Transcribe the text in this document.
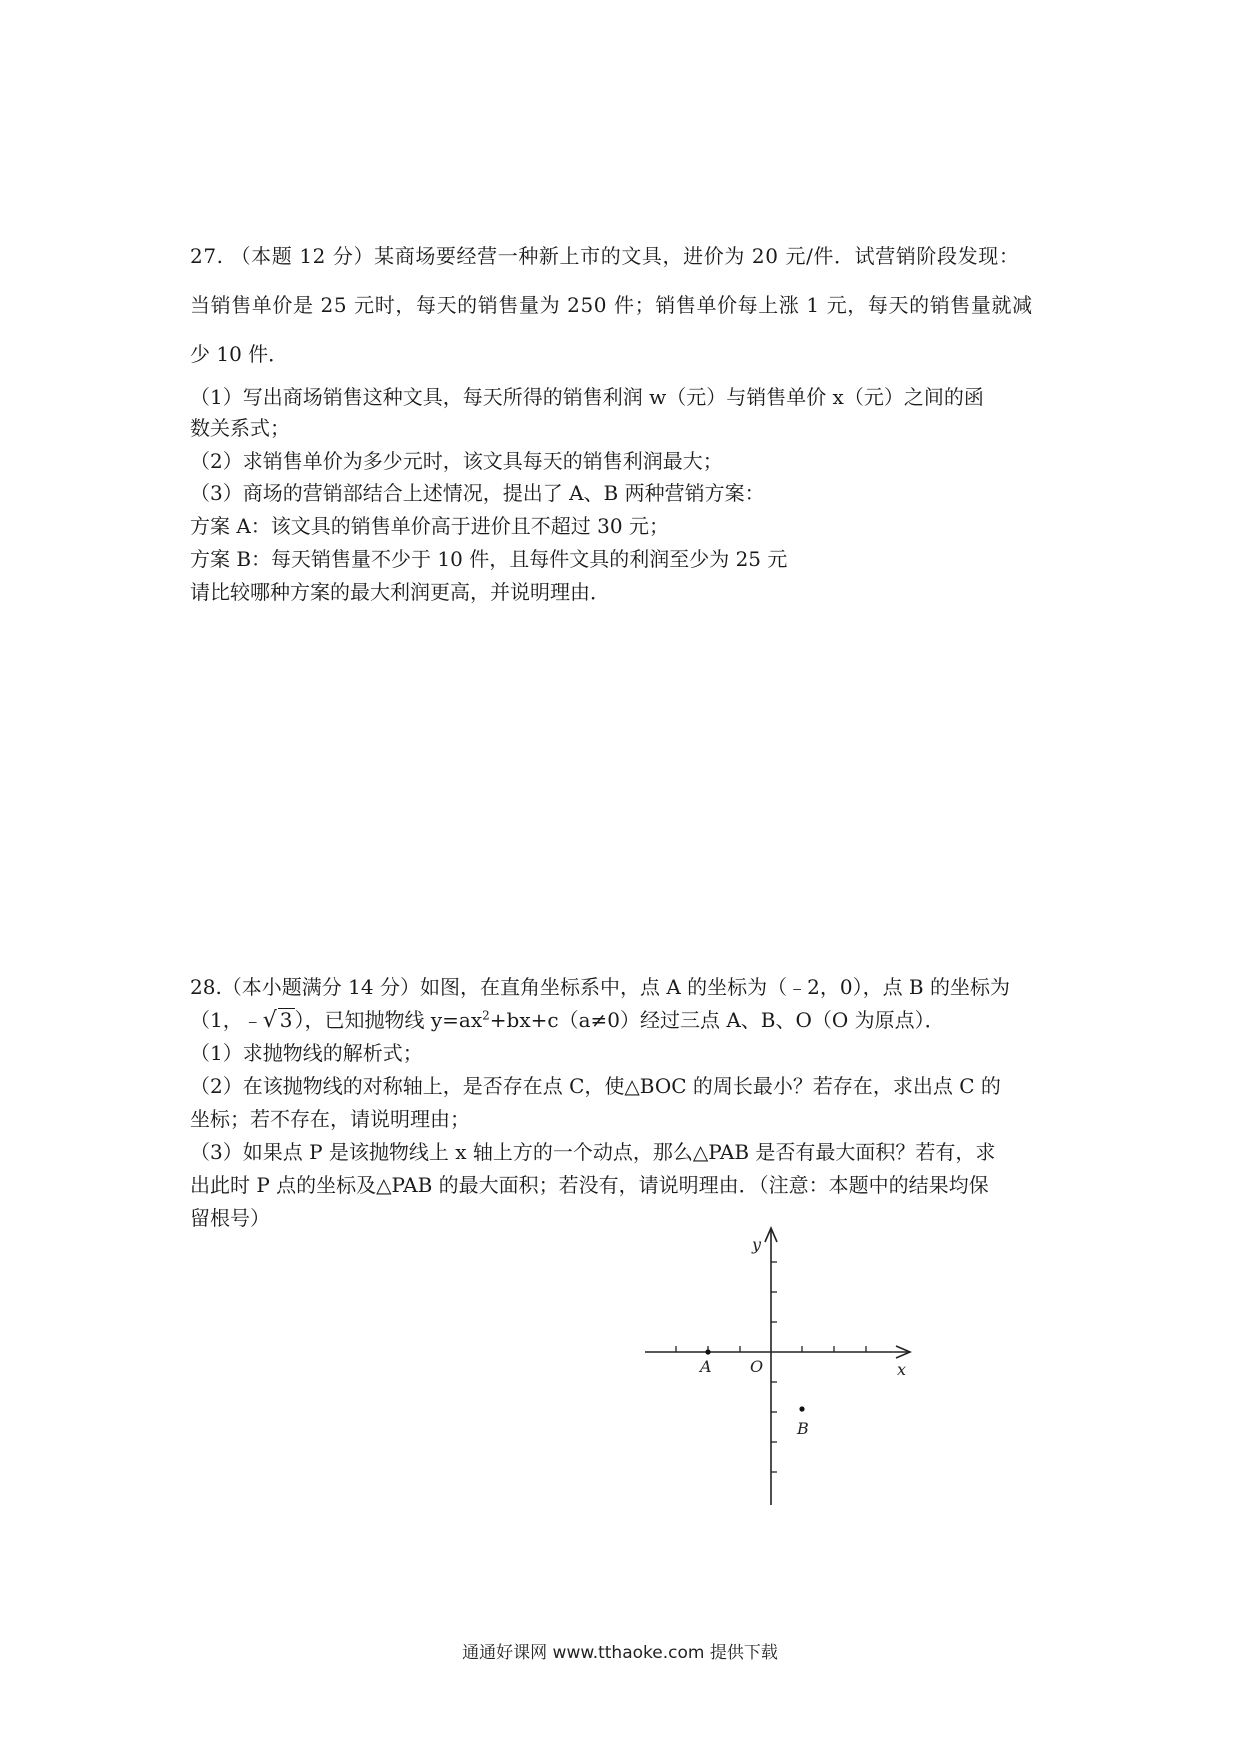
27. （本题 12 分）某商场要经营一种新上市的文具，进价为 20 元/件．试营销阶段发现：
当销售单价是 25 元时，每天的销售量为 250 件；销售单价每上涨 1 元，每天的销售量就减
少 10 件．
（1）写出商场销售这种文具，每天所得的销售利润 w（元）与销售单价 x（元）之间的函
数关系式；
（2）求销售单价为多少元时，该文具每天的销售利润最大；
（3）商场的营销部结合上述情况，提出了 A、B 两种营销方案：
方案 A：该文具的销售单价高于进价且不超过 30 元；
方案 B：每天销售量不少于 10 件，且每件文具的利润至少为 25 元
请比较哪种方案的最大利润更高，并说明理由．
28.（本小题满分 14 分）如图，在直角坐标系中，点 A 的坐标为（﹣2，0），点 B 的坐标为
（1，﹣√ 3 ），已知抛物线 $y=ax^2+bx+c(a\ne 0)$经过三点 A、B、O（O 为原点）．
（1）求抛物线的解析式；
（2）在该抛物线的对称轴上，是否存在点 C，使△BOC 的周长最小？若存在，求出点 C 的
坐标；若不存在，请说明理由；
（3）如果点 P 是该抛物线上 x 轴上方的一个动点，那么△PAB 是否有最大面积？若有，求
出此时 P 点的坐标及△PAB 的最大面积；若没有，请说明理由．（注意：本题中的结果均保
留根号）
y
x
O
A
B
通通好课网 www.tthaoke.com 提供下载
